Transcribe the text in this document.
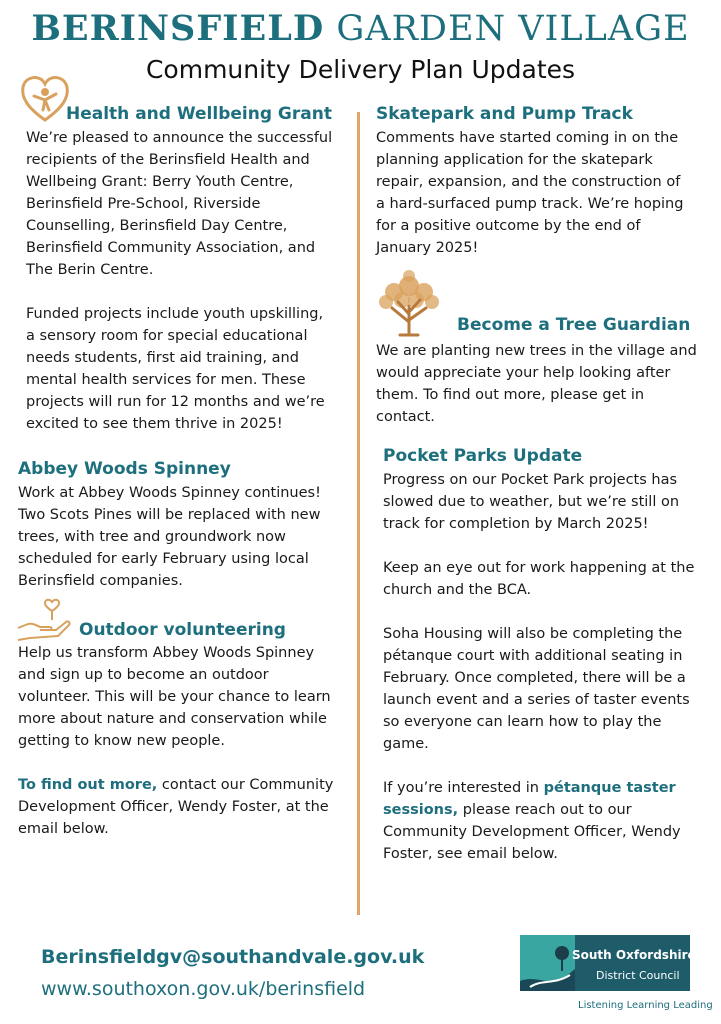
BERINSFIELD GARDEN VILLAGE
Community Delivery Plan Updates
Health and Wellbeing Grant
We’re pleased to announce the successful
recipients of the Berinsfield Health and
Wellbeing Grant: Berry Youth Centre,
Berinsfield Pre-School, Riverside
Counselling, Berinsfield Day Centre,
Berinsfield Community Association, and
The Berin Centre.
Funded projects include youth upskilling,
a sensory room for special educational
needs students, first aid training, and
mental health services for men. These
projects will run for 12 months and we’re
excited to see them thrive in 2025!
Abbey Woods Spinney
Work at Abbey Woods Spinney continues!
Two Scots Pines will be replaced with new
trees, with tree and groundwork now
scheduled for early February using local
Berinsfield companies.
Outdoor volunteering
Help us transform Abbey Woods Spinney
and sign up to become an outdoor
volunteer. This will be your chance to learn
more about nature and conservation while
getting to know new people.
To find out more, contact our Community
Development Officer, Wendy Foster, at the
email below.
Skatepark and Pump Track
Comments have started coming in on the
planning application for the skatepark
repair, expansion, and the construction of
a hard-surfaced pump track. We’re hoping
for a positive outcome by the end of
January 2025!
Become a Tree Guardian
We are planting new trees in the village and
would appreciate your help looking after
them. To find out more, please get in
contact.
Pocket Parks Update
Progress on our Pocket Park projects has
slowed due to weather, but we’re still on
track for completion by March 2025!
Keep an eye out for work happening at the
church and the BCA.
Soha Housing will also be completing the
pétanque court with additional seating in
February. Once completed, there will be a
launch event and a series of taster events
so everyone can learn how to play the
game.
If you’re interested in pétanque taster
sessions, please reach out to our
Community Development Officer, Wendy
Foster, see email below.
Berinsfieldgv@southandvale.gov.uk
www.southoxon.gov.uk/berinsfield
South Oxfordshire
District Council
Listening Learning Leading
